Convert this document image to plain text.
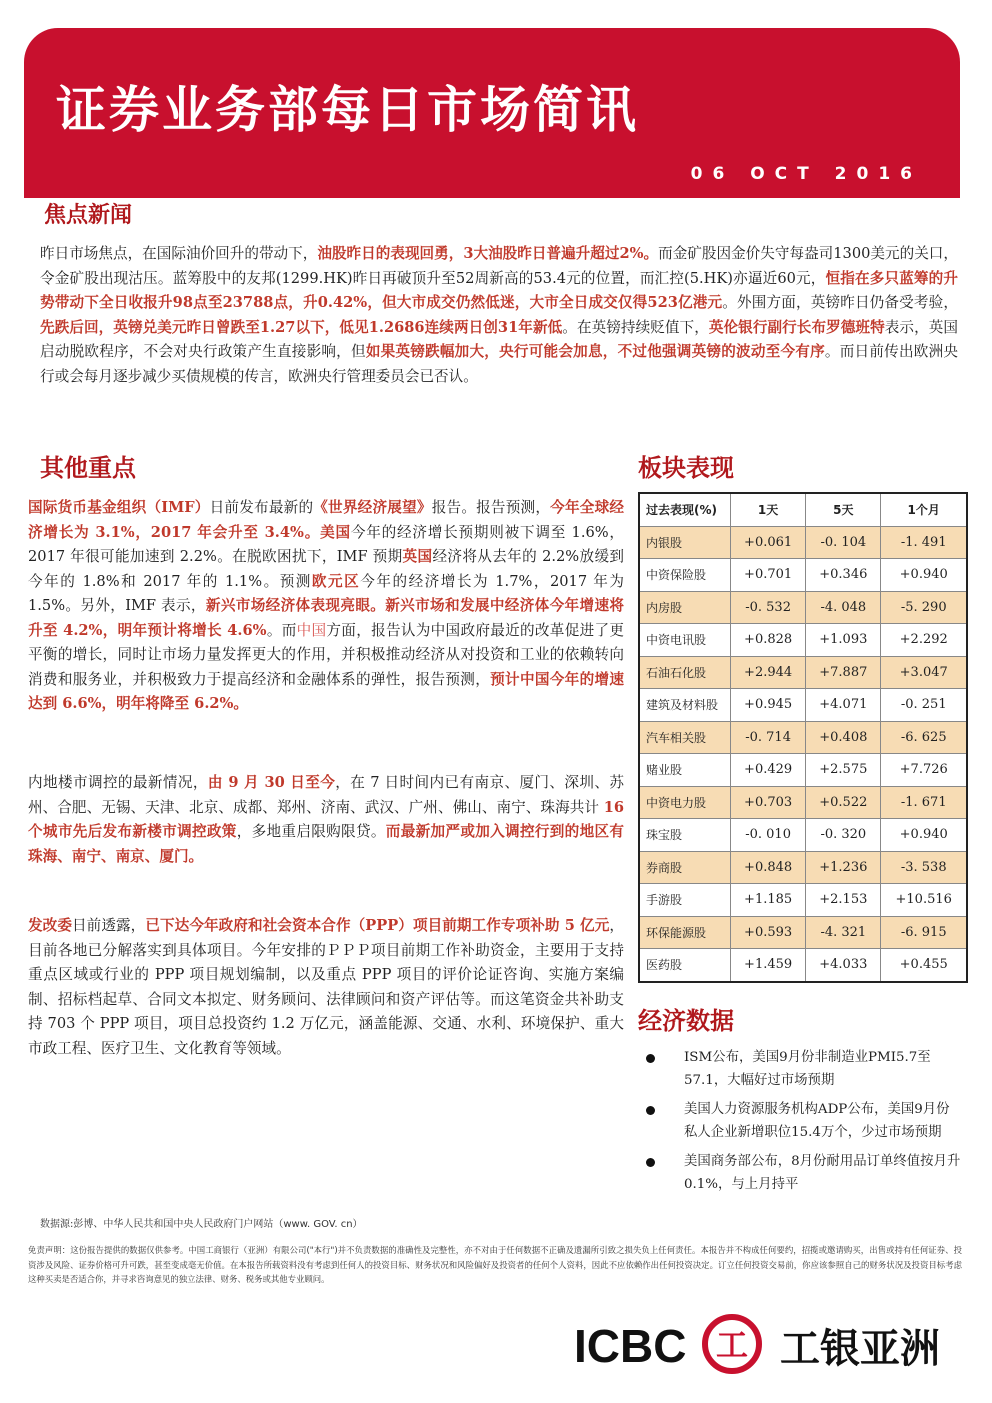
证券业务部每日市场简讯
06 OCT 2016
焦点新闻
昨日市场焦点，在国际油价回升的带动下，油股昨日的表现回勇，3大油股昨日普遍升超过2%。而金矿股因金价失守每盎司1300美元的关口，令金矿股出现沽压。蓝筹股中的友邦(1299.HK)昨日再破顶升至52周新高的53.4元的位置，而汇控(5.HK)亦逼近60元，恒指在多只蓝筹的升势带动下全日收报升98点至23788点，升0.42%，但大市成交仍然低迷，大市全日成交仅得523亿港元。外围方面，英镑昨日仍备受考验，先跌后回，英镑兑美元昨日曾跌至1.27以下，低见1.2686连续两日创31年新低。在英镑持续贬值下，英伦银行副行长布罗德班特表示，英国启动脱欧程序，不会对央行政策产生直接影响，但如果英镑跌幅加大，央行可能会加息，不过他强调英镑的波动至今有序。而日前传出欧洲央行或会每月逐步减少买债规模的传言，欧洲央行管理委员会已否认。
其他重点
国际货币基金组织（IMF）日前发布最新的《世界经济展望》报告。报告预测，今年全球经济增长为 3.1%，2017 年会升至 3.4%。美国今年的经济增长预期则被下调至 1.6%，2017 年很可能加速到 2.2%。在脱欧困扰下，IMF 预期英国经济将从去年的 2.2%放缓到今年的 1.8%和 2017 年的 1.1%。预测欧元区今年的经济增长为 1.7%，2017 年为 1.5%。另外，IMF 表示，新兴市场经济体表现亮眼。新兴市场和发展中经济体今年增速将升至 4.2%，明年预计将增长 4.6%。而中国方面，报告认为中国政府最近的改革促进了更平衡的增长，同时让市场力量发挥更大的作用，并积极推动经济从对投资和工业的依赖转向消费和服务业，并积极致力于提高经济和金融体系的弹性，报告预测，预计中国今年的增速达到 6.6%，明年将降至 6.2%。
内地楼市调控的最新情况，由 9 月 30 日至今，在 7 日时间内已有南京、厦门、深圳、苏州、合肥、无锡、天津、北京、成都、郑州、济南、武汉、广州、佛山、南宁、珠海共计 16 个城市先后发布新楼市调控政策，多地重启限购限贷。而最新加严或加入调控行到的地区有珠海、南宁、南京、厦门。
发改委日前透露，已下达今年政府和社会资本合作（PPP）项目前期工作专项补助 5 亿元，目前各地已分解落实到具体项目。今年安排的ＰＰＰ项目前期工作补助资金，主要用于支持重点区域或行业的 PPP 项目规划编制，以及重点 PPP 项目的评价论证咨询、实施方案编制、招标档起草、合同文本拟定、财务顾问、法律顾问和资产评估等。而这笔资金共补助支持 703 个 PPP 项目，项目总投资约 1.2 万亿元，涵盖能源、交通、水利、环境保护、重大市政工程、医疗卫生、文化教育等领域。
板块表现
过去表现(%)	1天	5天	1个月
内银股	+0.061	-0. 104	-1. 491
中资保险股	+0.701	+0.346	+0.940
内房股	-0. 532	-4. 048	-5. 290
中资电讯股	+0.828	+1.093	+2.292
石油石化股	+2.944	+7.887	+3.047
建筑及材料股	+0.945	+4.071	-0. 251
汽车相关股	-0. 714	+0.408	-6. 625
赌业股	+0.429	+2.575	+7.726
中资电力股	+0.703	+0.522	-1. 671
珠宝股	-0. 010	-0. 320	+0.940
券商股	+0.848	+1.236	-3. 538
手游股	+1.185	+2.153	+10.516
环保能源股	+0.593	-4. 321	-6. 915
医药股	+1.459	+4.033	+0.455
经济数据
ISM公布，美国9月份非制造业PMI5.7至57.1，大幅好过市场预期
美国人力资源服务机构ADP公布，美国9月份私人企业新增职位15.4万个，少过市场预期
美国商务部公布，8月份耐用品订单终值按月升0.1%，与上月持平
数据源:彭博、中华人民共和国中央人民政府门户网站（www. GOV. cn）
免责声明：这份报告提供的数据仅供参考。中国工商银行（亚洲）有限公司("本行")并不负责数据的准确性及完整性，亦不对由于任何数据不正确及遗漏所引致之损失负上任何责任。本报告并不构成任何要约，招揽或邀请购买，出售或持有任何证券、投资涉及风险、证券价格可升可跌，甚至变成毫无价值。在本报告所载资料没有考虑到任何人的投资目标、财务状况和风险偏好及投资者的任何个人资料，因此不应依赖作出任何投资决定。订立任何投资交易前，你应该参照自己的财务状况及投资目标考虑这种买卖是否适合你，并寻求咨询意见的独立法律、财务、税务或其他专业顾问。
ICBC 工 工银亚洲
